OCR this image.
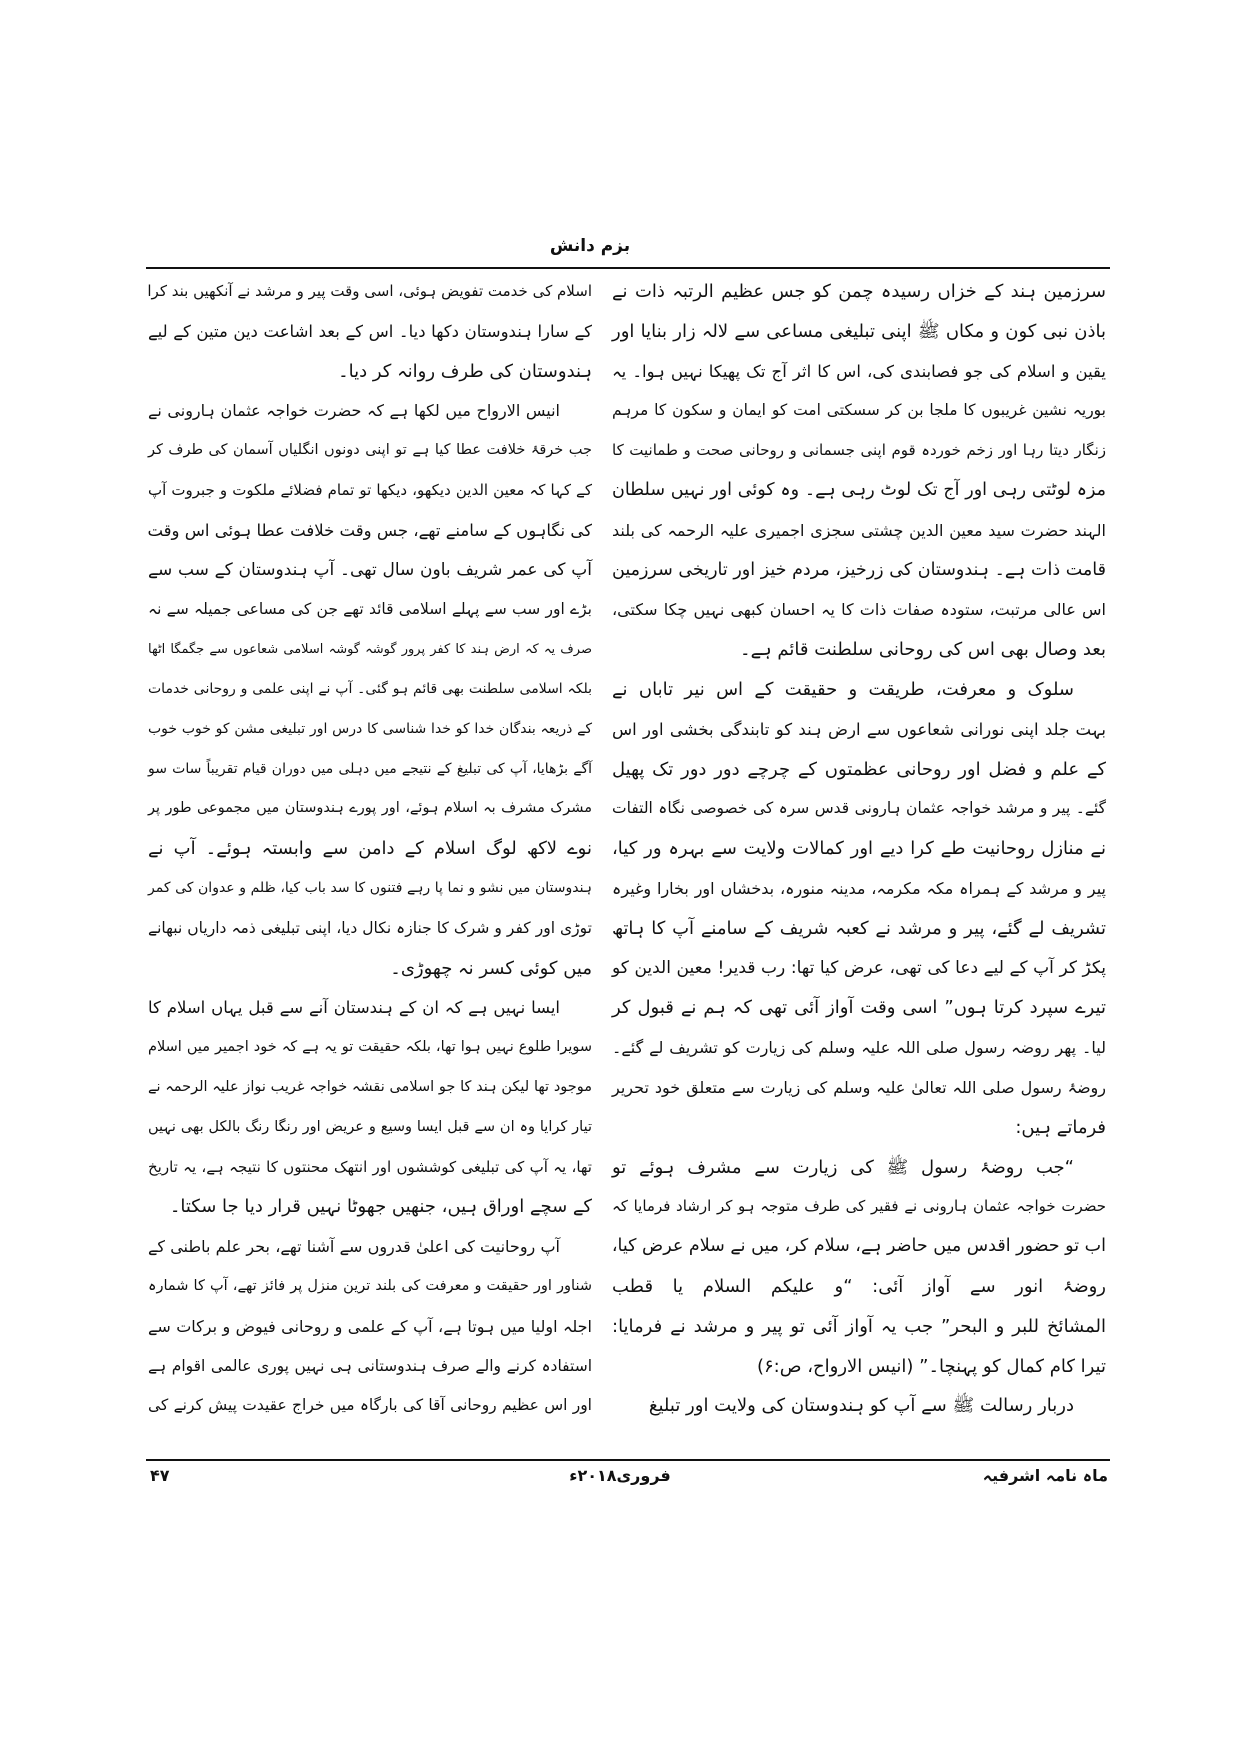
بزم دانش
سرزمین ہند کے خزاں رسیدہ چمن کو جس عظیم الرتبہ ذات نے
باذن نبی کون و مکاں ﷺ اپنی تبلیغی مساعی سے لالہ زار بنایا اور
یقین و اسلام کی جو فصابندی کی، اس کا اثر آج تک پھیکا نہیں ہوا۔ یہ
بوریہ نشین غریبوں کا ملجا بن کر سسکتی امت کو ایمان و سکون کا مرہم
زنگار دیتا رہا اور زخم خوردہ قوم اپنی جسمانی و روحانی صحت و طمانیت کا
مزہ لوٹتی رہی اور آج تک لوٹ رہی ہے۔ وہ کوئی اور نہیں سلطان
الہند حضرت سید معین الدین چشتی سجزی اجمیری علیہ الرحمہ کی بلند
قامت ذات ہے۔ ہندوستان کی زرخیز، مردم خیز اور تاریخی سرزمین
اس عالی مرتبت، ستودہ صفات ذات کا یہ احسان کبھی نہیں چکا سکتی،
بعد وصال بھی اس کی روحانی سلطنت قائم ہے۔
سلوک و معرفت، طریقت و حقیقت کے اس نیر تاباں نے
بہت جلد اپنی نورانی شعاعوں سے ارض ہند کو تابندگی بخشی اور اس
کے علم و فضل اور روحانی عظمتوں کے چرچے دور دور تک پھیل
گئے۔ پیر و مرشد خواجہ عثمان ہارونی قدس سرہ کی خصوصی نگاہ التفات
نے منازل روحانیت طے کرا دیے اور کمالات ولایت سے بہرہ ور کیا،
پیر و مرشد کے ہمراہ مکہ مکرمہ، مدینہ منورہ، بدخشاں اور بخارا وغیرہ
تشریف لے گئے، پیر و مرشد نے کعبہ شریف کے سامنے آپ کا ہاتھ
پکڑ کر آپ کے لیے دعا کی تھی، عرض کیا تھا: رب قدیر! معین الدین کو
تیرے سپرد کرتا ہوں” اسی وقت آواز آئی تھی کہ ہم نے قبول کر
لیا۔ پھر روضہ رسول صلی اللہ علیہ وسلم کی زیارت کو تشریف لے گئے۔
روضۂ رسول صلی اللہ تعالیٰ علیہ وسلم کی زیارت سے متعلق خود تحریر
فرماتے ہیں:
“جب روضۂ رسول ﷺ کی زیارت سے مشرف ہوئے تو
حضرت خواجہ عثمان ہارونی نے فقیر کی طرف متوجہ ہو کر ارشاد فرمایا کہ
اب تو حضور اقدس میں حاضر ہے، سلام کر، میں نے سلام عرض کیا،
روضۂ انور سے آواز آئی: “و علیکم السلام یا قطب
المشائخ للبر و البحر” جب یہ آواز آئی تو پیر و مرشد نے فرمایا:
تیرا کام کمال کو پہنچا۔” (انیس الارواح، ص:۶)
دربار رسالت ﷺ سے آپ کو ہندوستان کی ولایت اور تبلیغ
اسلام کی خدمت تفویض ہوئی، اسی وقت پیر و مرشد نے آنکھیں بند کرا
کے سارا ہندوستان دکھا دیا۔ اس کے بعد اشاعت دین متین کے لیے
ہندوستان کی طرف روانہ کر دیا۔
انیس الارواح میں لکھا ہے کہ حضرت خواجہ عثمان ہارونی نے
جب خرقۂ خلافت عطا کیا ہے تو اپنی دونوں انگلیاں آسمان کی طرف کر
کے کہا کہ معین الدین دیکھو، دیکھا تو تمام فضلائے ملکوت و جبروت آپ
کی نگاہوں کے سامنے تھے، جس وقت خلافت عطا ہوئی اس وقت
آپ کی عمر شریف باون سال تھی۔ آپ ہندوستان کے سب سے
بڑے اور سب سے پہلے اسلامی قائد تھے جن کی مساعی جمیلہ سے نہ
صرف یہ کہ ارض ہند کا کفر پرور گوشہ گوشہ اسلامی شعاعوں سے جگمگا اٹھا
بلکہ اسلامی سلطنت بھی قائم ہو گئی۔ آپ نے اپنی علمی و روحانی خدمات
کے ذریعہ بندگان خدا کو خدا شناسی کا درس اور تبلیغی مشن کو خوب خوب
آگے بڑھایا، آپ کی تبلیغ کے نتیجے میں دہلی میں دوران قیام تقریباً سات سو
مشرک مشرف بہ اسلام ہوئے، اور پورے ہندوستان میں مجموعی طور پر
نوے لاکھ لوگ اسلام کے دامن سے وابستہ ہوئے۔ آپ نے
ہندوستان میں نشو و نما پا رہے فتنوں کا سد باب کیا، ظلم و عدوان کی کمر
توڑی اور کفر و شرک کا جنازہ نکال دیا، اپنی تبلیغی ذمہ داریاں نبھانے
میں کوئی کسر نہ چھوڑی۔
ایسا نہیں ہے کہ ان کے ہندستان آنے سے قبل یہاں اسلام کا
سویرا طلوع نہیں ہوا تھا، بلکہ حقیقت تو یہ ہے کہ خود اجمیر میں اسلام
موجود تھا لیکن ہند کا جو اسلامی نقشہ خواجہ غریب نواز علیہ الرحمہ نے
تیار کرایا وہ ان سے قبل ایسا وسیع و عریض اور رنگا رنگ بالکل بھی نہیں
تھا، یہ آپ کی تبلیغی کوششوں اور انتھک محنتوں کا نتیجہ ہے، یہ تاریخ
کے سچے اوراق ہیں، جنھیں جھوٹا نہیں قرار دیا جا سکتا۔
آپ روحانیت کی اعلیٰ قدروں سے آشنا تھے، بحر علم باطنی کے
شناور اور حقیقت و معرفت کی بلند ترین منزل پر فائز تھے، آپ کا شمارہ
اجلہ اولیا میں ہوتا ہے، آپ کے علمی و روحانی فیوض و برکات سے
استفادہ کرنے والے صرف ہندوستانی ہی نہیں پوری عالمی اقوام ہے
اور اس عظیم روحانی آقا کی بارگاہ میں خراج عقیدت پیش کرنے کی
ماہ نامہ اشرفیہ
فروری۲۰۱۸ء
۴۷
